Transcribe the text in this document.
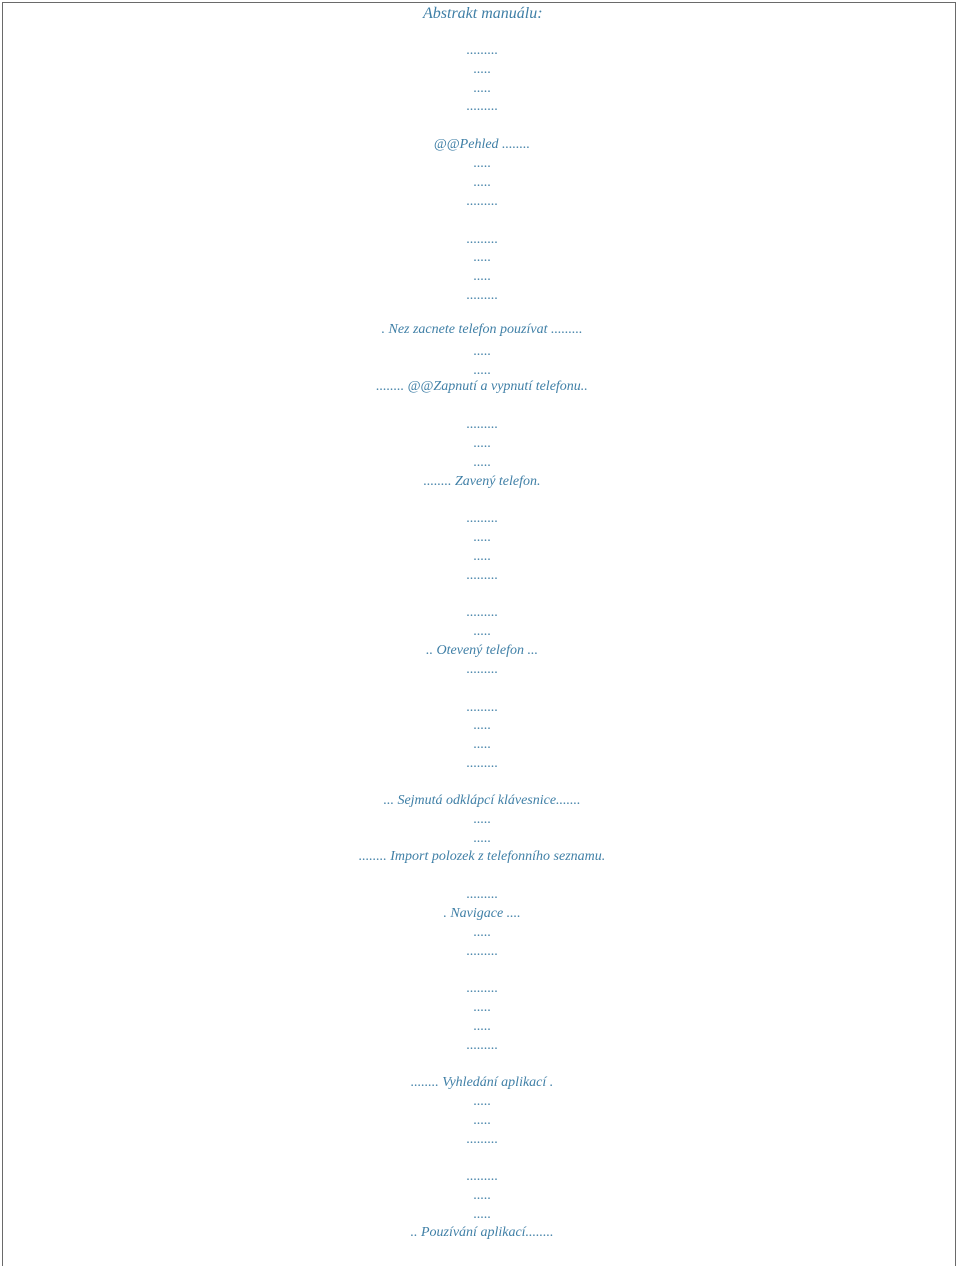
Abstrakt manuálu:
.........
.....
.....
.........
@@Pehled ........
.....
.....
.........
.........
.....
.....
.........
. Nez zacnete telefon pouzívat .........
.....
.....
........ @@Zapnutí a vypnutí telefonu..
.........
.....
.....
........ Zavený telefon.
.........
.....
.....
.........
.........
.....
.. Otevený telefon ...
.........
.........
.....
.....
.........
... Sejmutá odklápcí klávesnice.......
.....
.....
........ Import polozek z telefonního seznamu.
.........
. Navigace ....
.....
.........
.........
.....
.....
.........
........ Vyhledání aplikací .
.....
.....
.........
.........
.....
.....
.. Pouzívání aplikací........
